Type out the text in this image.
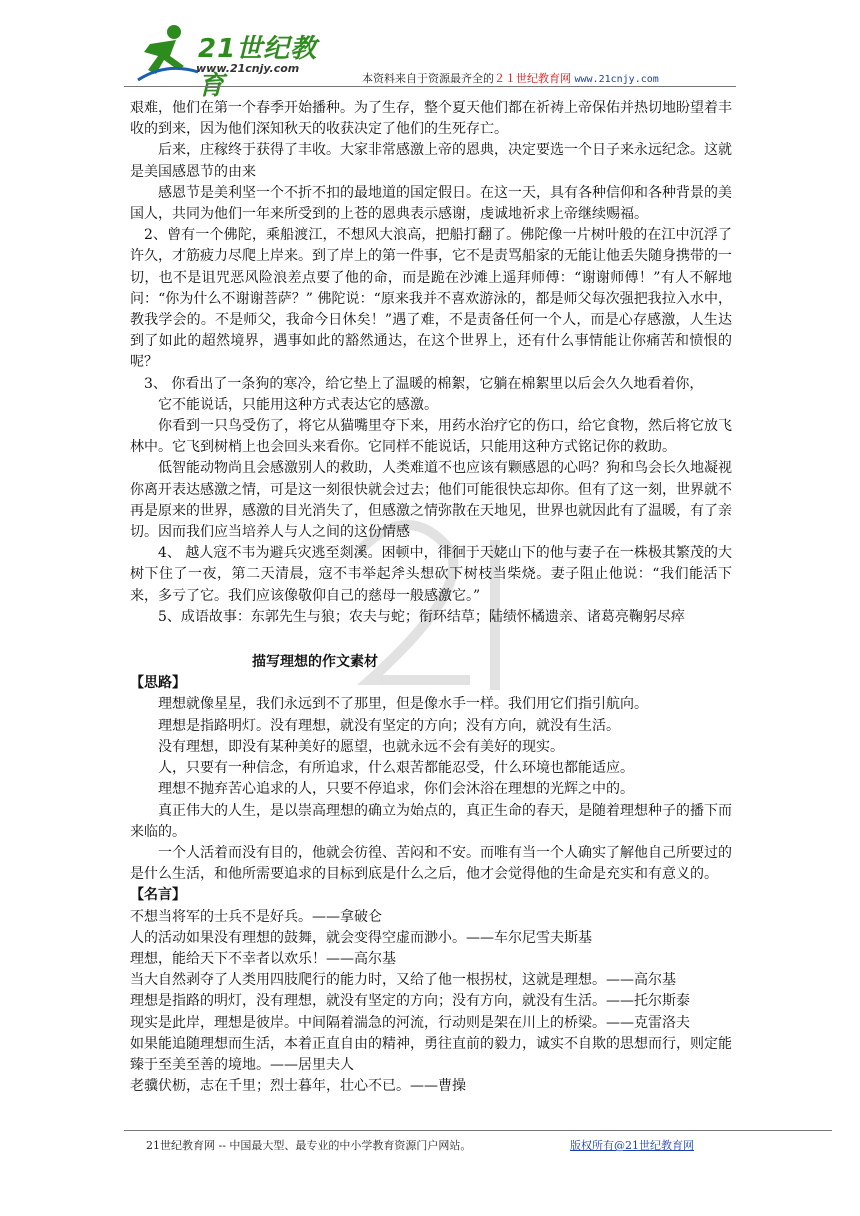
21世纪教育
www.21cnjy.com
本资料来自于资源最齐全的２１世纪教育网 www.21cnjy.com

艰难，他们在第一个春季开始播种。为了生存，整个夏天他们都在祈祷上帝保佑并热切地盼望着丰收的到来，因为他们深知秋天的收获决定了他们的生死存亡。

后来，庄稼终于获得了丰收。大家非常感激上帝的恩典，决定要选一个日子来永远纪念。这就是美国感恩节的由来

感恩节是美利坚一个不折不扣的最地道的国定假日。在这一天，具有各种信仰和各种背景的美国人，共同为他们一年来所受到的上苍的恩典表示感谢，虔诚地祈求上帝继续赐福。

2、曾有一个佛陀，乘船渡江，不想风大浪高，把船打翻了。佛陀像一片树叶般的在江中沉浮了许久，才筋疲力尽爬上岸来。到了岸上的第一件事，它不是责骂船家的无能让他丢失随身携带的一切，也不是诅咒恶风险浪差点要了他的命，而是跪在沙滩上遥拜师傅：“谢谢师傅！”有人不解地问：“你为什么不谢谢菩萨？” 佛陀说：“原来我并不喜欢游泳的，都是师父每次强把我拉入水中，教我学会的。不是师父，我命今日休矣！”遇了难，不是责备任何一个人，而是心存感激，人生达到了如此的超然境界，遇事如此的豁然通达，在这个世界上，还有什么事情能让你痛苦和愤恨的呢？

3、 你看出了一条狗的寒冷，给它垫上了温暖的棉絮，它躺在棉絮里以后会久久地看着你，

它不能说话，只能用这种方式表达它的感激。

你看到一只鸟受伤了，将它从猫嘴里夺下来，用药水治疗它的伤口，给它食物，然后将它放飞林中。它飞到树梢上也会回头来看你。它同样不能说话，只能用这种方式铭记你的救助。

低智能动物尚且会感激别人的救助，人类难道不也应该有颗感恩的心吗？狗和鸟会长久地凝视你离开表达感激之情，可是这一刻很快就会过去；他们可能很快忘却你。但有了这一刻，世界就不再是原来的世界，感激的目光消失了，但感激之情弥散在天地见，世界也就因此有了温暖，有了亲切。因而我们应当培养人与人之间的这份情感

4、 越人寇不韦为避兵灾逃至剡溪。困顿中，徘徊于天姥山下的他与妻子在一株极其繁茂的大树下住了一夜，第二天清晨，寇不韦举起斧头想砍下树枝当柴烧。妻子阻止他说：“我们能活下来，多亏了它。我们应该像敬仰自己的慈母一般感激它。”

5、成语故事：东郭先生与狼；农夫与蛇；衔环结草；陆绩怀橘遗亲、诸葛亮鞠躬尽瘁

描写理想的作文素材

【思路】

理想就像星星，我们永远到不了那里，但是像水手一样。我们用它们指引航向。

理想是指路明灯。没有理想，就没有坚定的方向；没有方向，就没有生活。

没有理想，即没有某种美好的愿望，也就永远不会有美好的现实。

人，只要有一种信念，有所追求，什么艰苦都能忍受，什么环境也都能适应。

理想不抛弃苦心追求的人，只要不停追求，你们会沐浴在理想的光辉之中的。

真正伟大的人生，是以崇高理想的确立为始点的，真正生命的春天，是随着理想种子的播下而来临的。

一个人活着而没有目的，他就会彷徨、苦闷和不安。而唯有当一个人确实了解他自己所要过的是什么生活，和他所需要追求的目标到底是什么之后，他才会觉得他的生命是充实和有意义的。

【名言】

不想当将军的士兵不是好兵。——拿破仑

人的活动如果没有理想的鼓舞，就会变得空虚而渺小。——车尔尼雪夫斯基

理想，能给天下不幸者以欢乐！——高尔基

当大自然剥夺了人类用四肢爬行的能力时，又给了他一根拐杖，这就是理想。——高尔基

理想是指路的明灯，没有理想，就没有坚定的方向；没有方向，就没有生活。——托尔斯泰

现实是此岸，理想是彼岸。中间隔着湍急的河流，行动则是架在川上的桥梁。——克雷洛夫

如果能追随理想而生活，本着正直自由的精神，勇往直前的毅力，诚实不自欺的思想而行，则定能臻于至美至善的境地。——居里夫人

老骥伏枥，志在千里；烈士暮年，壮心不已。——曹操

21世纪教育网 -- 中国最大型、最专业的中小学教育资源门户网站。	版权所有@21世纪教育网
